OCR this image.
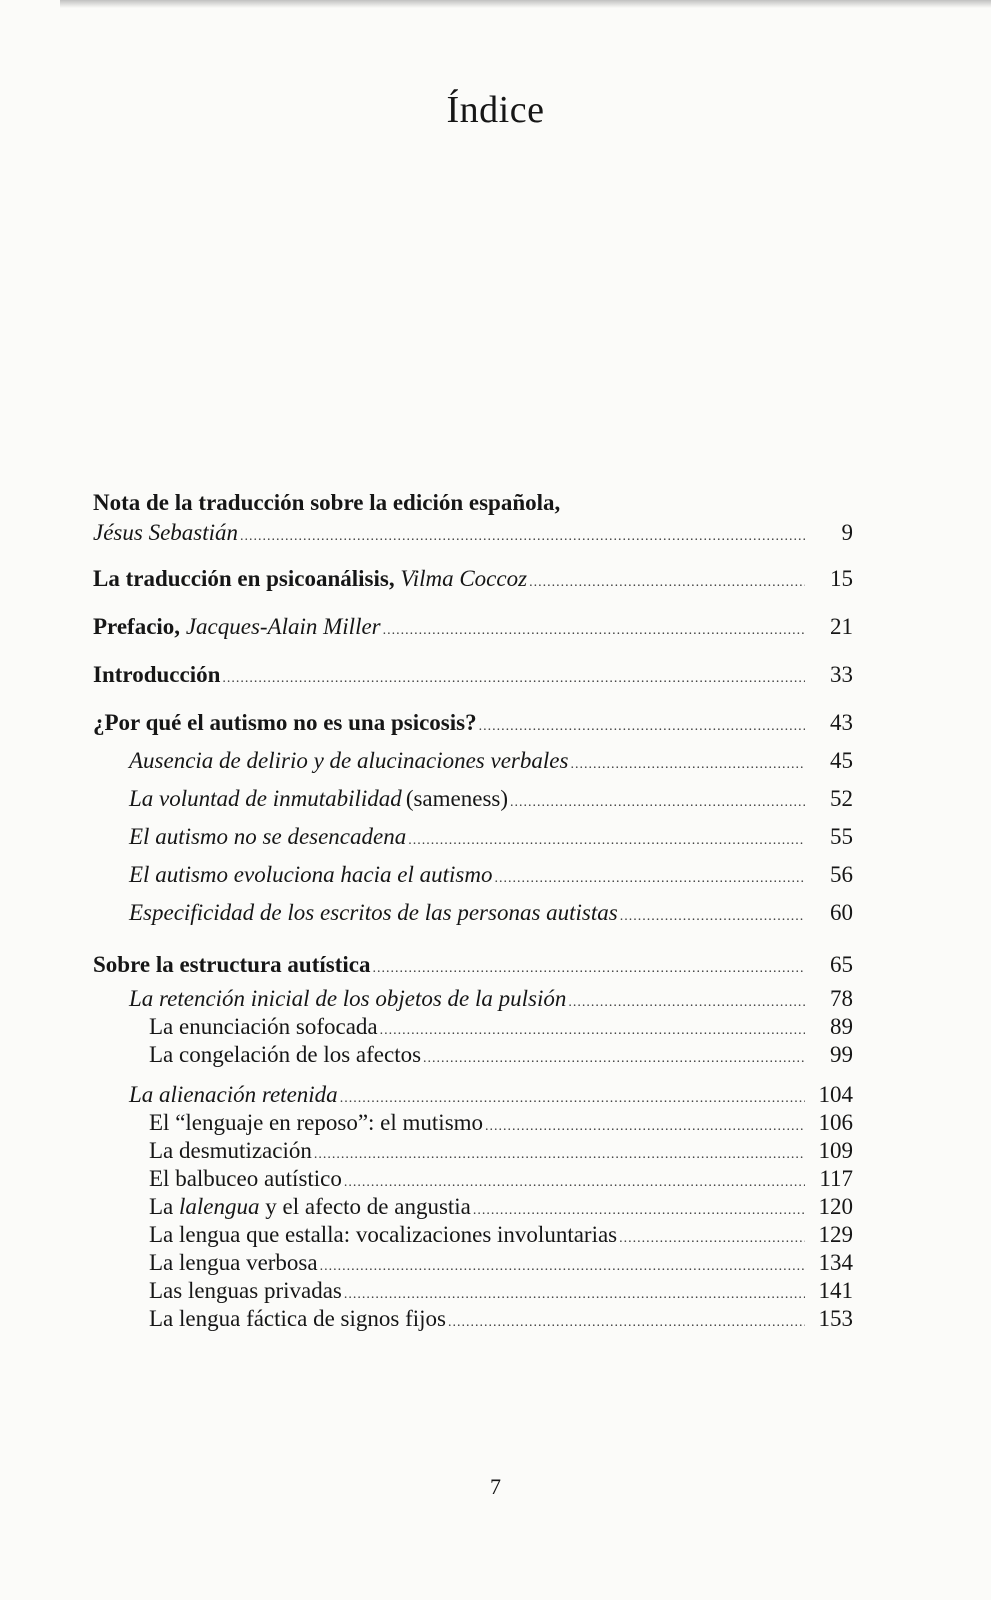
Índice
Nota de la traducción sobre la edición española,
Jésus Sebastián .....	9
La traducción en psicoanálisis, Vilma Coccoz .....	15
Prefacio, Jacques-Alain Miller .....	21
Introducción .....	33
¿Por qué el autismo no es una psicosis? .....	43
Ausencia de delirio y de alucinaciones verbales .....	45
La voluntad de inmutabilidad (sameness) .....	52
El autismo no se desencadena .....	55
El autismo evoluciona hacia el autismo .....	56
Especificidad de los escritos de las personas autistas .....	60
Sobre la estructura autística .....	65
La retención inicial de los objetos de la pulsión .....	78
La enunciación sofocada .....	89
La congelación de los afectos .....	99
La alienación retenida .....	104
El “lenguaje en reposo”: el mutismo .....	106
La desmutización .....	109
El balbuceo autístico .....	117
La lalengua y el afecto de angustia .....	120
La lengua que estalla: vocalizaciones involuntarias .....	129
La lengua verbosa .....	134
Las lenguas privadas .....	141
La lengua fáctica de signos fijos .....	153
7
